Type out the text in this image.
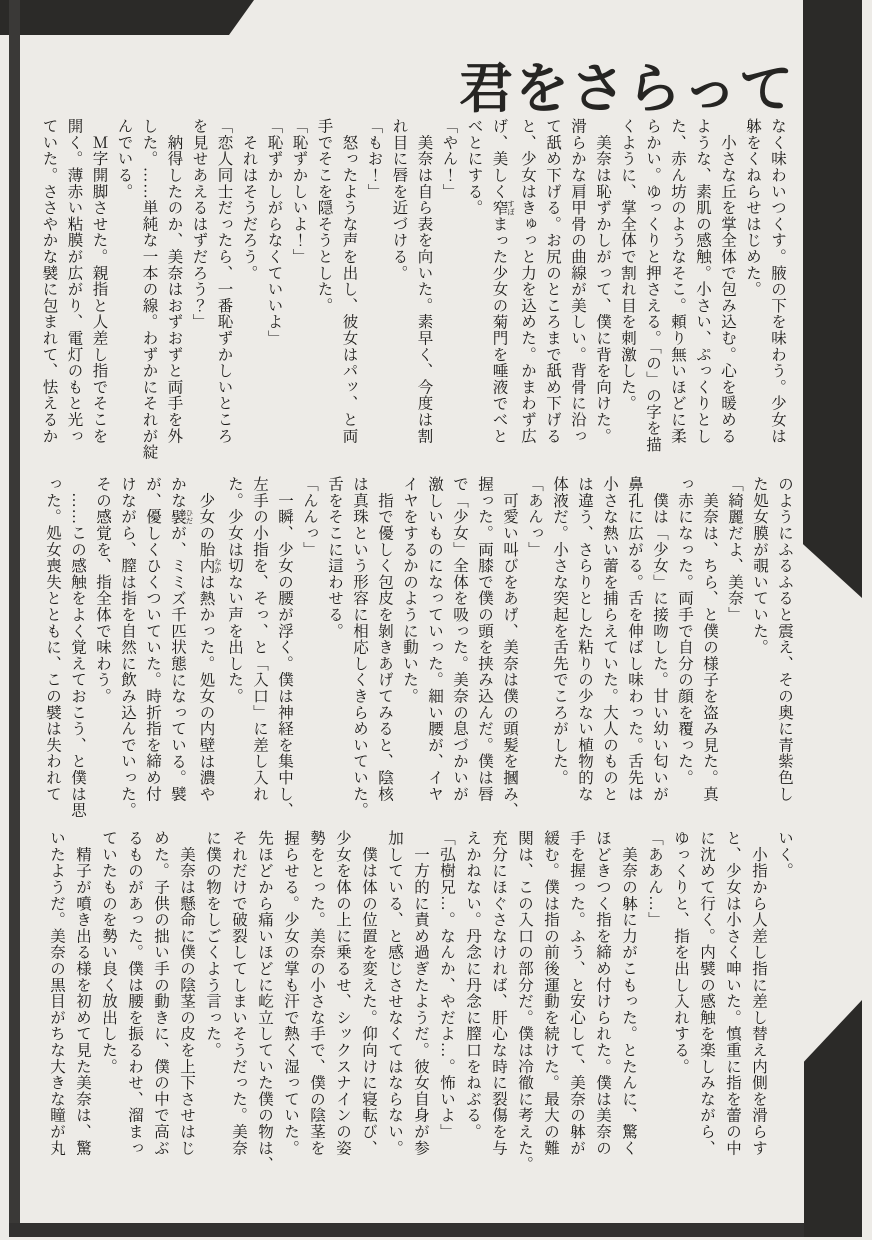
君をさらって
なく味わいつくす。腋の下を味わう。少女は
躰をくねらせはじめた。
　小さな丘を掌全体で包み込む。心を暖める
ような、素肌の感触。小さい、ぷっくりとし
た、赤ん坊のようなそこ。頼り無いほどに柔
らかい。ゆっくりと押さえる。「の」の字を描
くように、掌全体で割れ目を刺激した。
　美奈は恥ずかしがって、僕に背を向けた。
滑らかな肩甲骨の曲線が美しい。背骨に沿っ
て舐め下げる。お尻のところまで舐め下げる
と、少女はきゅっと力を込めた。かまわず広
げ、美しく窄 すぼまった少女の菊門を唾液でべと
べとにする。
「やん！」
　美奈は自ら表を向いた。素早く、今度は割
れ目に唇を近づける。
「もお！」
　怒ったような声を出し、彼女はパッ、と両
手でそこを隠そうとした。
「恥ずかしいよ！」
「恥ずかしがらなくていいよ」
　それはそうだろう。
「恋人同士だったら、一番恥ずかしいところ
を見せあえるはずだろう？」
　納得したのか、美奈はおずおずと両手を外
した。……単純な一本の線。わずかにそれが綻
んでいる。
　Ｍ字開脚させた。親指と人差し指でそこを
開く。薄赤い粘膜が広がり、電灯のもと光っ
ていた。ささやかな襞に包まれて、怯えるか
のようにふるふると震え、その奥に青紫色し
た処女膜が覗いていた。
「綺麗だよ、美奈」
　美奈は、ちら、と僕の様子を盗み見た。真
っ赤になった。両手で自分の顔を覆った。
　僕は「少女」に接吻した。甘い幼い匂いが
鼻孔に広がる。舌を伸ばし味わった。舌先は
小さな熱い蕾を捕らえていた。大人のものと
は違う、さらりとした粘りの少ない植物的な
体液だ。小さな突起を舌先でころがした。
「あんっ」
　可愛い叫びをあげ、美奈は僕の頭髪を摑み、
握った。両膝で僕の頭を挟み込んだ。僕は唇
で「少女」全体を吸った。美奈の息づかいが
激しいものになっていった。細い腰が、イヤ
イヤをするかのように動いた。
　指で優しく包皮を剝きあげてみると、陰核
は真珠という形容に相応しくきらめいていた。
舌をそこに這わせる。
「んんっ」
　一瞬、少女の腰が浮く。僕は神経を集中し、
左手の小指を、そっ、と「入口」に差し入れ
た。少女は切ない声を出した。
　少女の胎内 なかは熱かった。処女の内壁は濃や
かな襞 ひだが、ミミズ千匹状態になっている。襞
が、優しくひくついていた。時折指を締め付
けながら、膣は指を自然に飲み込んでいった。
その感覚を、指全体で味わう。
　……この感触をよく覚えておこう、と僕は思
った。処女喪失とともに、この襞は失われて
いく。
　小指から人差し指に差し替え内側を滑らす
と、少女は小さく呻いた。慎重に指を蕾の中
に沈めて行く。内襞の感触を楽しみながら、
ゆっくりと、指を出し入れする。
「ああん…」
　美奈の躰に力がこもった。とたんに、驚く
ほどきつく指を締め付けられた。僕は美奈の
手を握った。ふう、と安心して、美奈の躰が
緩む。僕は指の前後運動を続けた。最大の難
関は、この入口の部分だ。僕は冷徹に考えた。
充分にほぐさなければ、肝心な時に裂傷を与
えかねない。丹念に丹念に膣口をねぶる。
「弘樹兄…。なんか、やだよ…。怖いよ」
　一方的に責め過ぎたようだ。彼女自身が参
加している、と感じさせなくてはならない。
　僕は体の位置を変えた。仰向けに寝転び、
少女を体の上に乗るせ、シックスナインの姿
勢をとった。美奈の小さな手で、僕の陰茎を
握らせる。少女の掌も汗で熱く湿っていた。
先ほどから痛いほどに屹立していた僕の物は、
それだけで破裂してしまいそうだった。美奈
に僕の物をしごくよう言った。
　美奈は懸命に僕の陰茎の皮を上下させはじ
めた。子供の拙い手の動きに、僕の中で高ぶ
るものがあった。僕は腰を振るわせ、溜まっ
ていたものを勢い良く放出した。
　精子が噴き出る様を初めて見た美奈は、驚
いたようだ。美奈の黒目がちな大きな瞳が丸
